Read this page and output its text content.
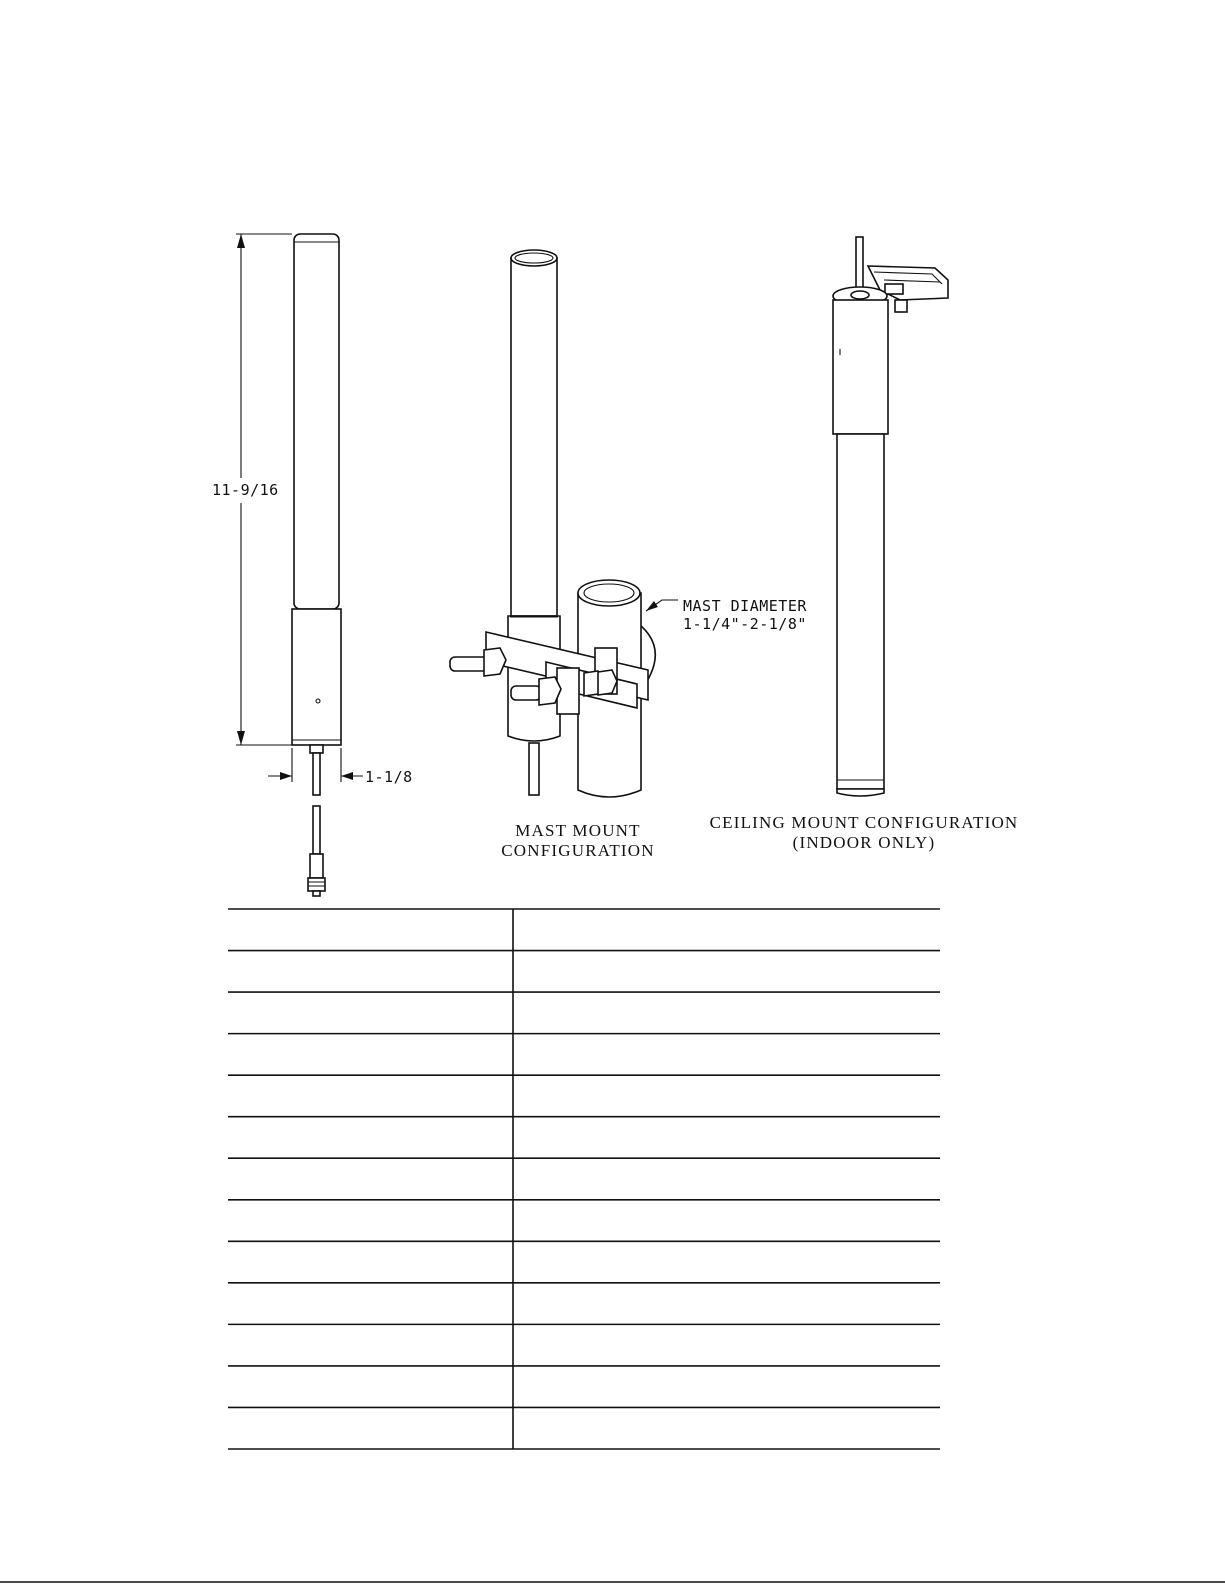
11-9/16
1-1/8
MAST DIAMETER
1-1/4"-2-1/8"
MAST MOUNT
CONFIGURATION
CEILING MOUNT CONFIGURATION
(INDOOR ONLY)
